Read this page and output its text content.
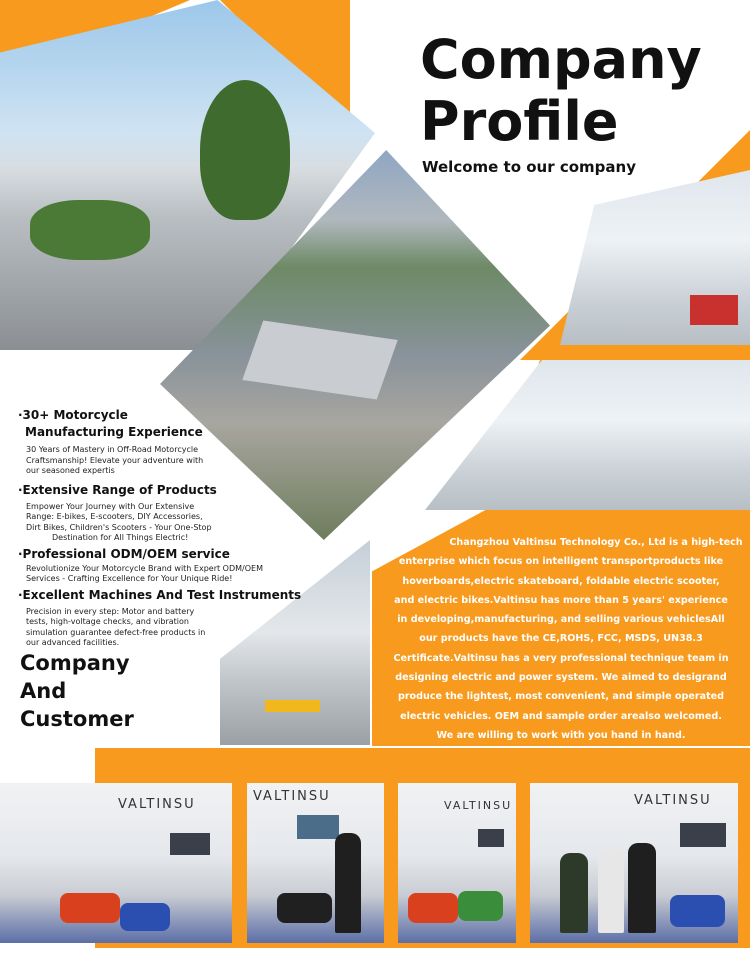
Company
Profile
Welcome to our company
·30+ Motorcycle
Manufacturing Experience
30 Years of Mastery in Off-Road Motorcycle
Craftsmanship! Elevate your adventure with
our seasoned expertis
·Extensive Range of Products
Empower Your Journey with Our Extensive
Range: E-bikes, E-scooters, DIY Accessories,
Dirt Bikes, Children's Scooters - Your One-Stop
Destination for All Things Electric!
·Professional ODM/OEM service
Revolutionize Your Motorcycle Brand with Expert ODM/OEM
Services - Crafting Excellence for Your Unique Ride!
·Excellent Machines And Test Instruments
Precision in every step: Motor and battery
tests, high-voltage checks, and vibration
simulation guarantee defect-free products in
our advanced facilities.
Company
And
Customer
Changzhou Valtinsu Technology Co., Ltd is a high-tech
enterprise which focus on intelligent transportproducts like
hoverboards,electric skateboard, foldable electric scooter,
and electric bikes.Valtinsu has more than 5 years' experience
in developing,manufacturing, and selling various vehiclesAll
our products have the CE,ROHS, FCC, MSDS, UN38.3
Certificate.Valtinsu has a very professional technique team in
designing electric and power system. We aimed to desigrand
produce the lightest, most convenient, and simple operated
electric vehicles. OEM and sample order arealso welcomed.
We are willing to work with you hand in hand.
VALTINSU
VALTINSU
VALTINSU	VALTINSU
